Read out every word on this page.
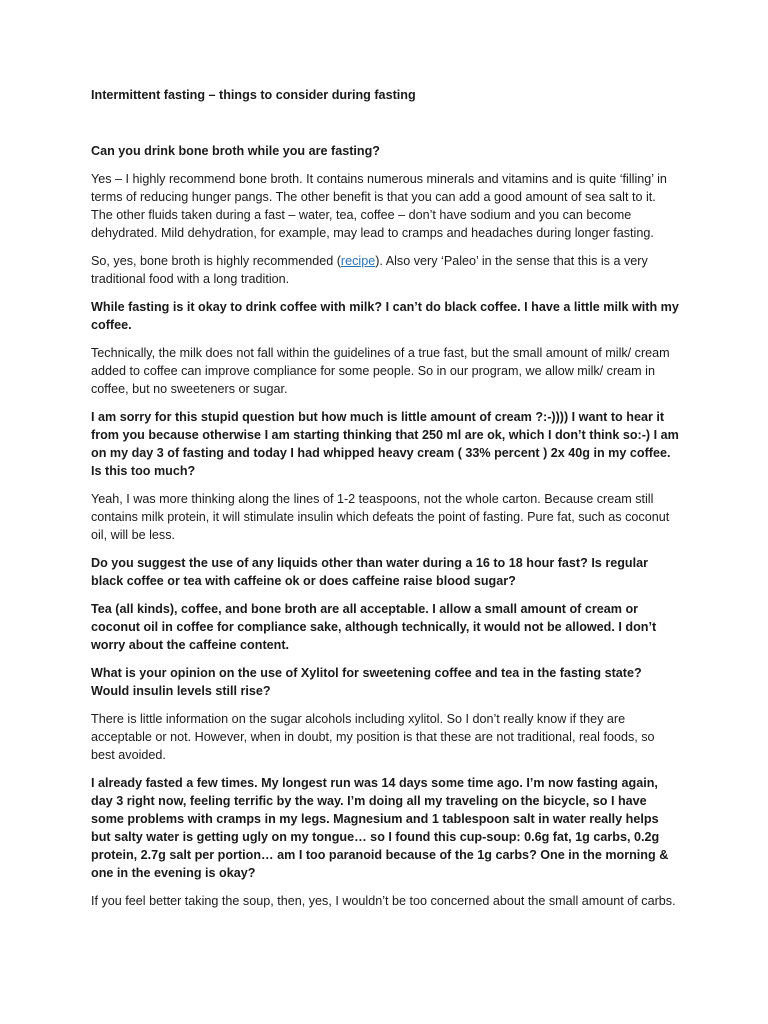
Intermittent fasting – things to consider during fasting

Can you drink bone broth while you are fasting?

Yes – I highly recommend bone broth. It contains numerous minerals and vitamins and is quite ‘filling’ in terms of reducing hunger pangs. The other benefit is that you can add a good amount of sea salt to it. The other fluids taken during a fast – water, tea, coffee – don’t have sodium and you can become dehydrated. Mild dehydration, for example, may lead to cramps and headaches during longer fasting.

So, yes, bone broth is highly recommended (recipe). Also very ‘Paleo’ in the sense that this is a very traditional food with a long tradition.

While fasting is it okay to drink coffee with milk? I can’t do black coffee. I have a little milk with my coffee.

Technically, the milk does not fall within the guidelines of a true fast, but the small amount of milk/ cream added to coffee can improve compliance for some people. So in our program, we allow milk/ cream in coffee, but no sweeteners or sugar.

I am sorry for this stupid question but how much is little amount of cream ?:-)))) I want to hear it from you because otherwise I am starting thinking that 250 ml are ok, which I don’t think so:-) I am on my day 3 of fasting and today I had whipped heavy cream ( 33% percent ) 2x 40g in my coffee. Is this too much?

Yeah, I was more thinking along the lines of 1-2 teaspoons, not the whole carton. Because cream still contains milk protein, it will stimulate insulin which defeats the point of fasting. Pure fat, such as coconut oil, will be less.

Do you suggest the use of any liquids other than water during a 16 to 18 hour fast? Is regular black coffee or tea with caffeine ok or does caffeine raise blood sugar?

Tea (all kinds), coffee, and bone broth are all acceptable. I allow a small amount of cream or coconut oil in coffee for compliance sake, although technically, it would not be allowed. I don’t worry about the caffeine content.

What is your opinion on the use of Xylitol for sweetening coffee and tea in the fasting state? Would insulin levels still rise?

There is little information on the sugar alcohols including xylitol. So I don’t really know if they are acceptable or not. However, when in doubt, my position is that these are not traditional, real foods, so best avoided.

I already fasted a few times. My longest run was 14 days some time ago. I’m now fasting again, day 3 right now, feeling terrific by the way. I’m doing all my traveling on the bicycle, so I have some problems with cramps in my legs. Magnesium and 1 tablespoon salt in water really helps but salty water is getting ugly on my tongue… so I found this cup-soup: 0.6g fat, 1g carbs, 0.2g protein, 2.7g salt per portion… am I too paranoid because of the 1g carbs? One in the morning & one in the evening is okay?

If you feel better taking the soup, then, yes, I wouldn’t be too concerned about the small amount of carbs.
